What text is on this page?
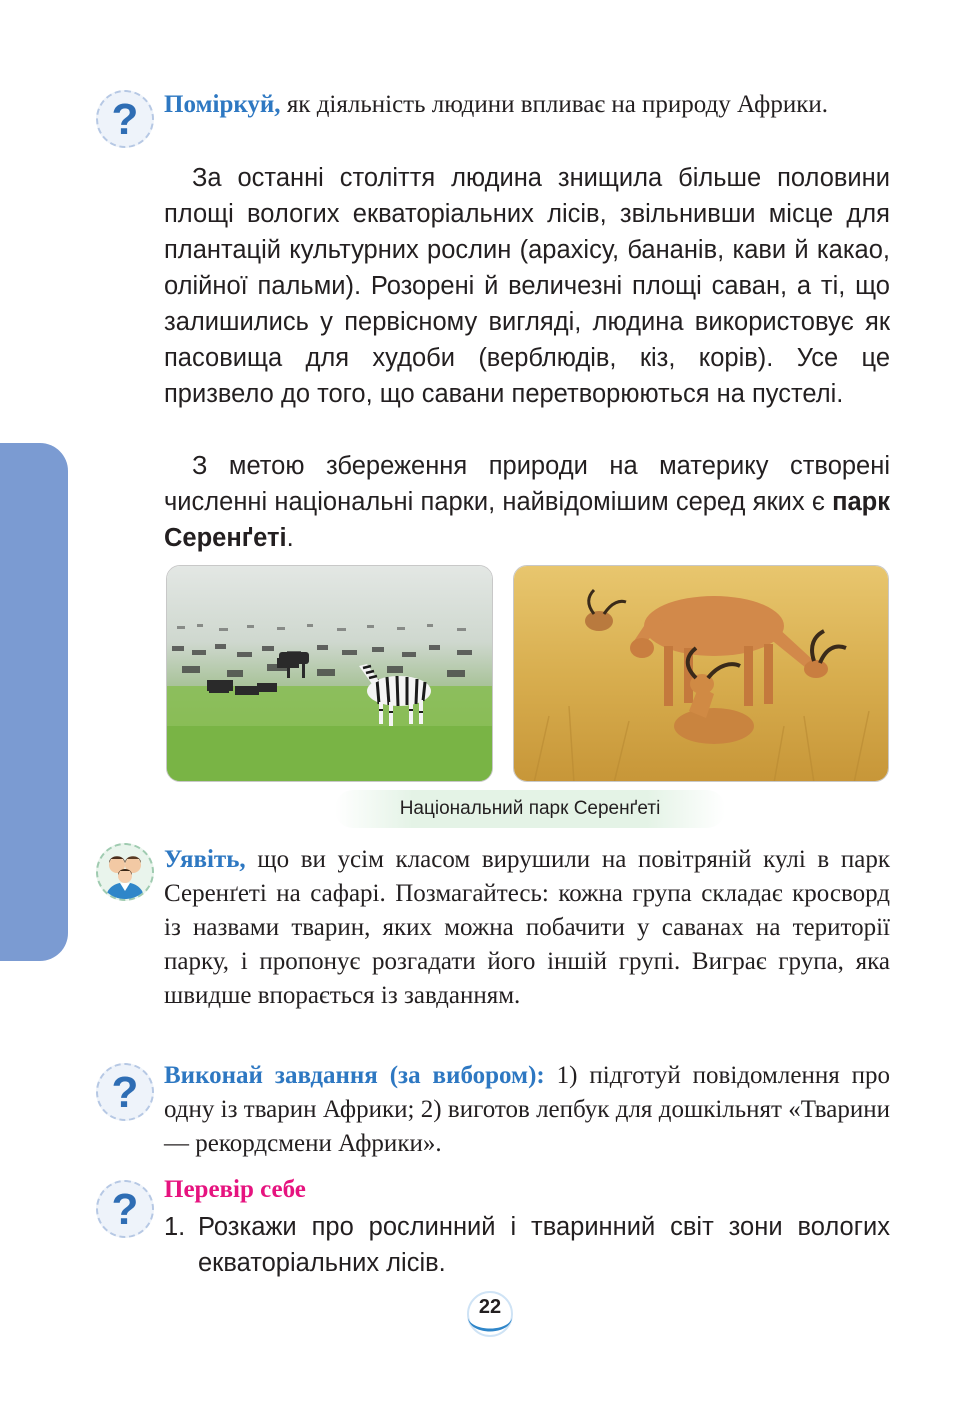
? Поміркуй, як діяльність людини впливає на природу Африки.

За останні століття людина знищила більше половини площі вологих екваторіальних лісів, звільнивши місце для плантацій культурних рослин (арахісу, бананів, кави й какао, олійної пальми). Розорені й величезні площі саван, а ті, що залишились у первісному вигляді, людина використовує як пасовища для худоби (верблюдів, кіз, корів). Усе це призвело до того, що савани перетворюються на пустелі.

З метою збереження природи на материку створені численні національні парки, найвідомішим серед яких є парк Серенґеті.

Національний парк Серенґеті

Уявіть, що ви усім класом вирушили на повітряній кулі в парк Серенґеті на сафарі. Позмагайтесь: кожна група складає кросворд із назвами тварин, яких можна побачити у саванах на території парку, і пропонує розгадати його іншій групі. Виграє група, яка швидше впорається із завданням.

? Виконай завдання (за вибором): 1) підготуй повідомлення про одну із тварин Африки; 2) виготов лепбук для дошкільнят «Тварини — рекордсмени Африки».

? Перевір себе

1. Розкажи про рослинний і тваринний світ зони вологих екваторіальних лісів.
22
